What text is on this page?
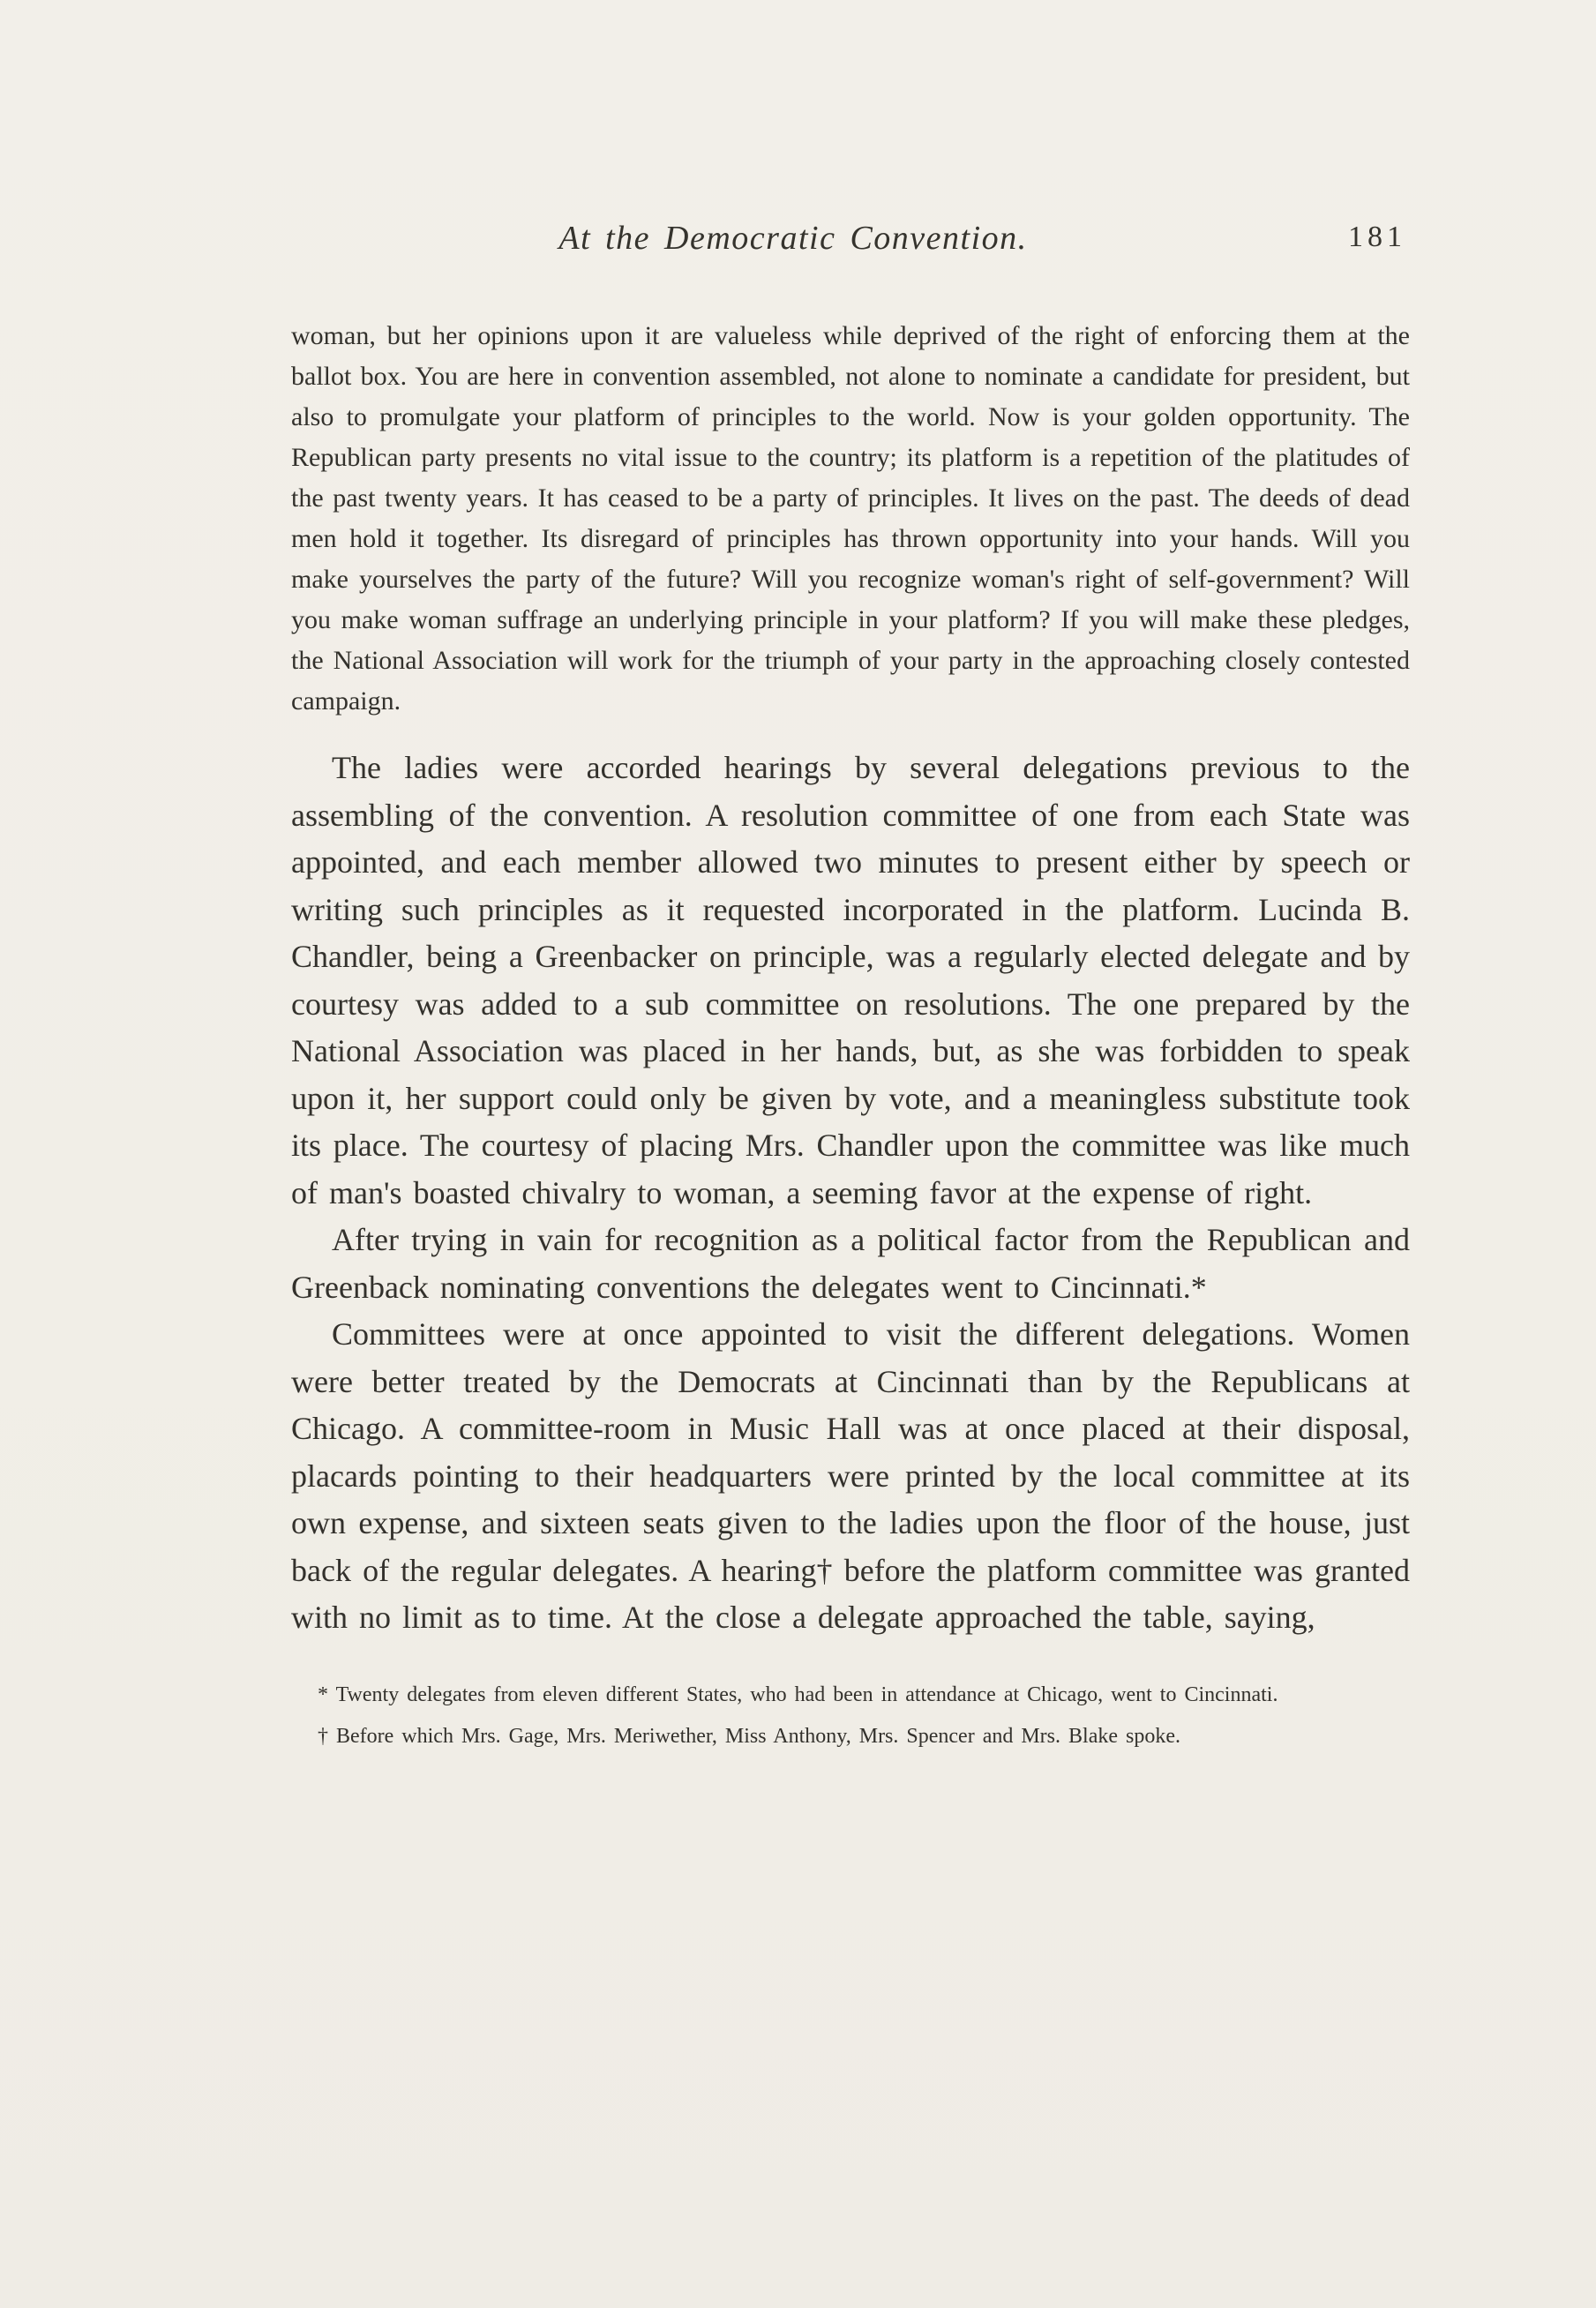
At the Democratic Convention.	181

woman, but her opinions upon it are valueless while deprived of the right of enforcing them at the ballot box. You are here in convention assembled, not alone to nominate a candidate for president, but also to promulgate your platform of principles to the world. Now is your golden opportunity. The Republican party presents no vital issue to the country; its platform is a repetition of the platitudes of the past twenty years. It has ceased to be a party of principles. It lives on the past. The deeds of dead men hold it together. Its disregard of principles has thrown opportunity into your hands. Will you make yourselves the party of the future? Will you recognize woman's right of self-government? Will you make woman suffrage an underlying principle in your platform? If you will make these pledges, the National Association will work for the triumph of your party in the approaching closely contested campaign.

The ladies were accorded hearings by several delegations previous to the assembling of the convention. A resolution committee of one from each State was appointed, and each member allowed two minutes to present either by speech or writing such principles as it requested incorporated in the platform. Lucinda B. Chandler, being a Greenbacker on principle, was a regularly elected delegate and by courtesy was added to a sub committee on resolutions. The one prepared by the National Association was placed in her hands, but, as she was forbidden to speak upon it, her support could only be given by vote, and a meaningless substitute took its place. The courtesy of placing Mrs. Chandler upon the committee was like much of man's boasted chivalry to woman, a seeming favor at the expense of right.

After trying in vain for recognition as a political factor from the Republican and Greenback nominating conventions the delegates went to Cincinnati.*

Committees were at once appointed to visit the different delegations. Women were better treated by the Democrats at Cincinnati than by the Republicans at Chicago. A committee-room in Music Hall was at once placed at their disposal, placards pointing to their headquarters were printed by the local committee at its own expense, and sixteen seats given to the ladies upon the floor of the house, just back of the regular delegates. A hearing† before the platform committee was granted with no limit as to time. At the close a delegate approached the table, saying,

* Twenty delegates from eleven different States, who had been in attendance at Chicago, went to Cincinnati.

† Before which Mrs. Gage, Mrs. Meriwether, Miss Anthony, Mrs. Spencer and Mrs. Blake spoke.
